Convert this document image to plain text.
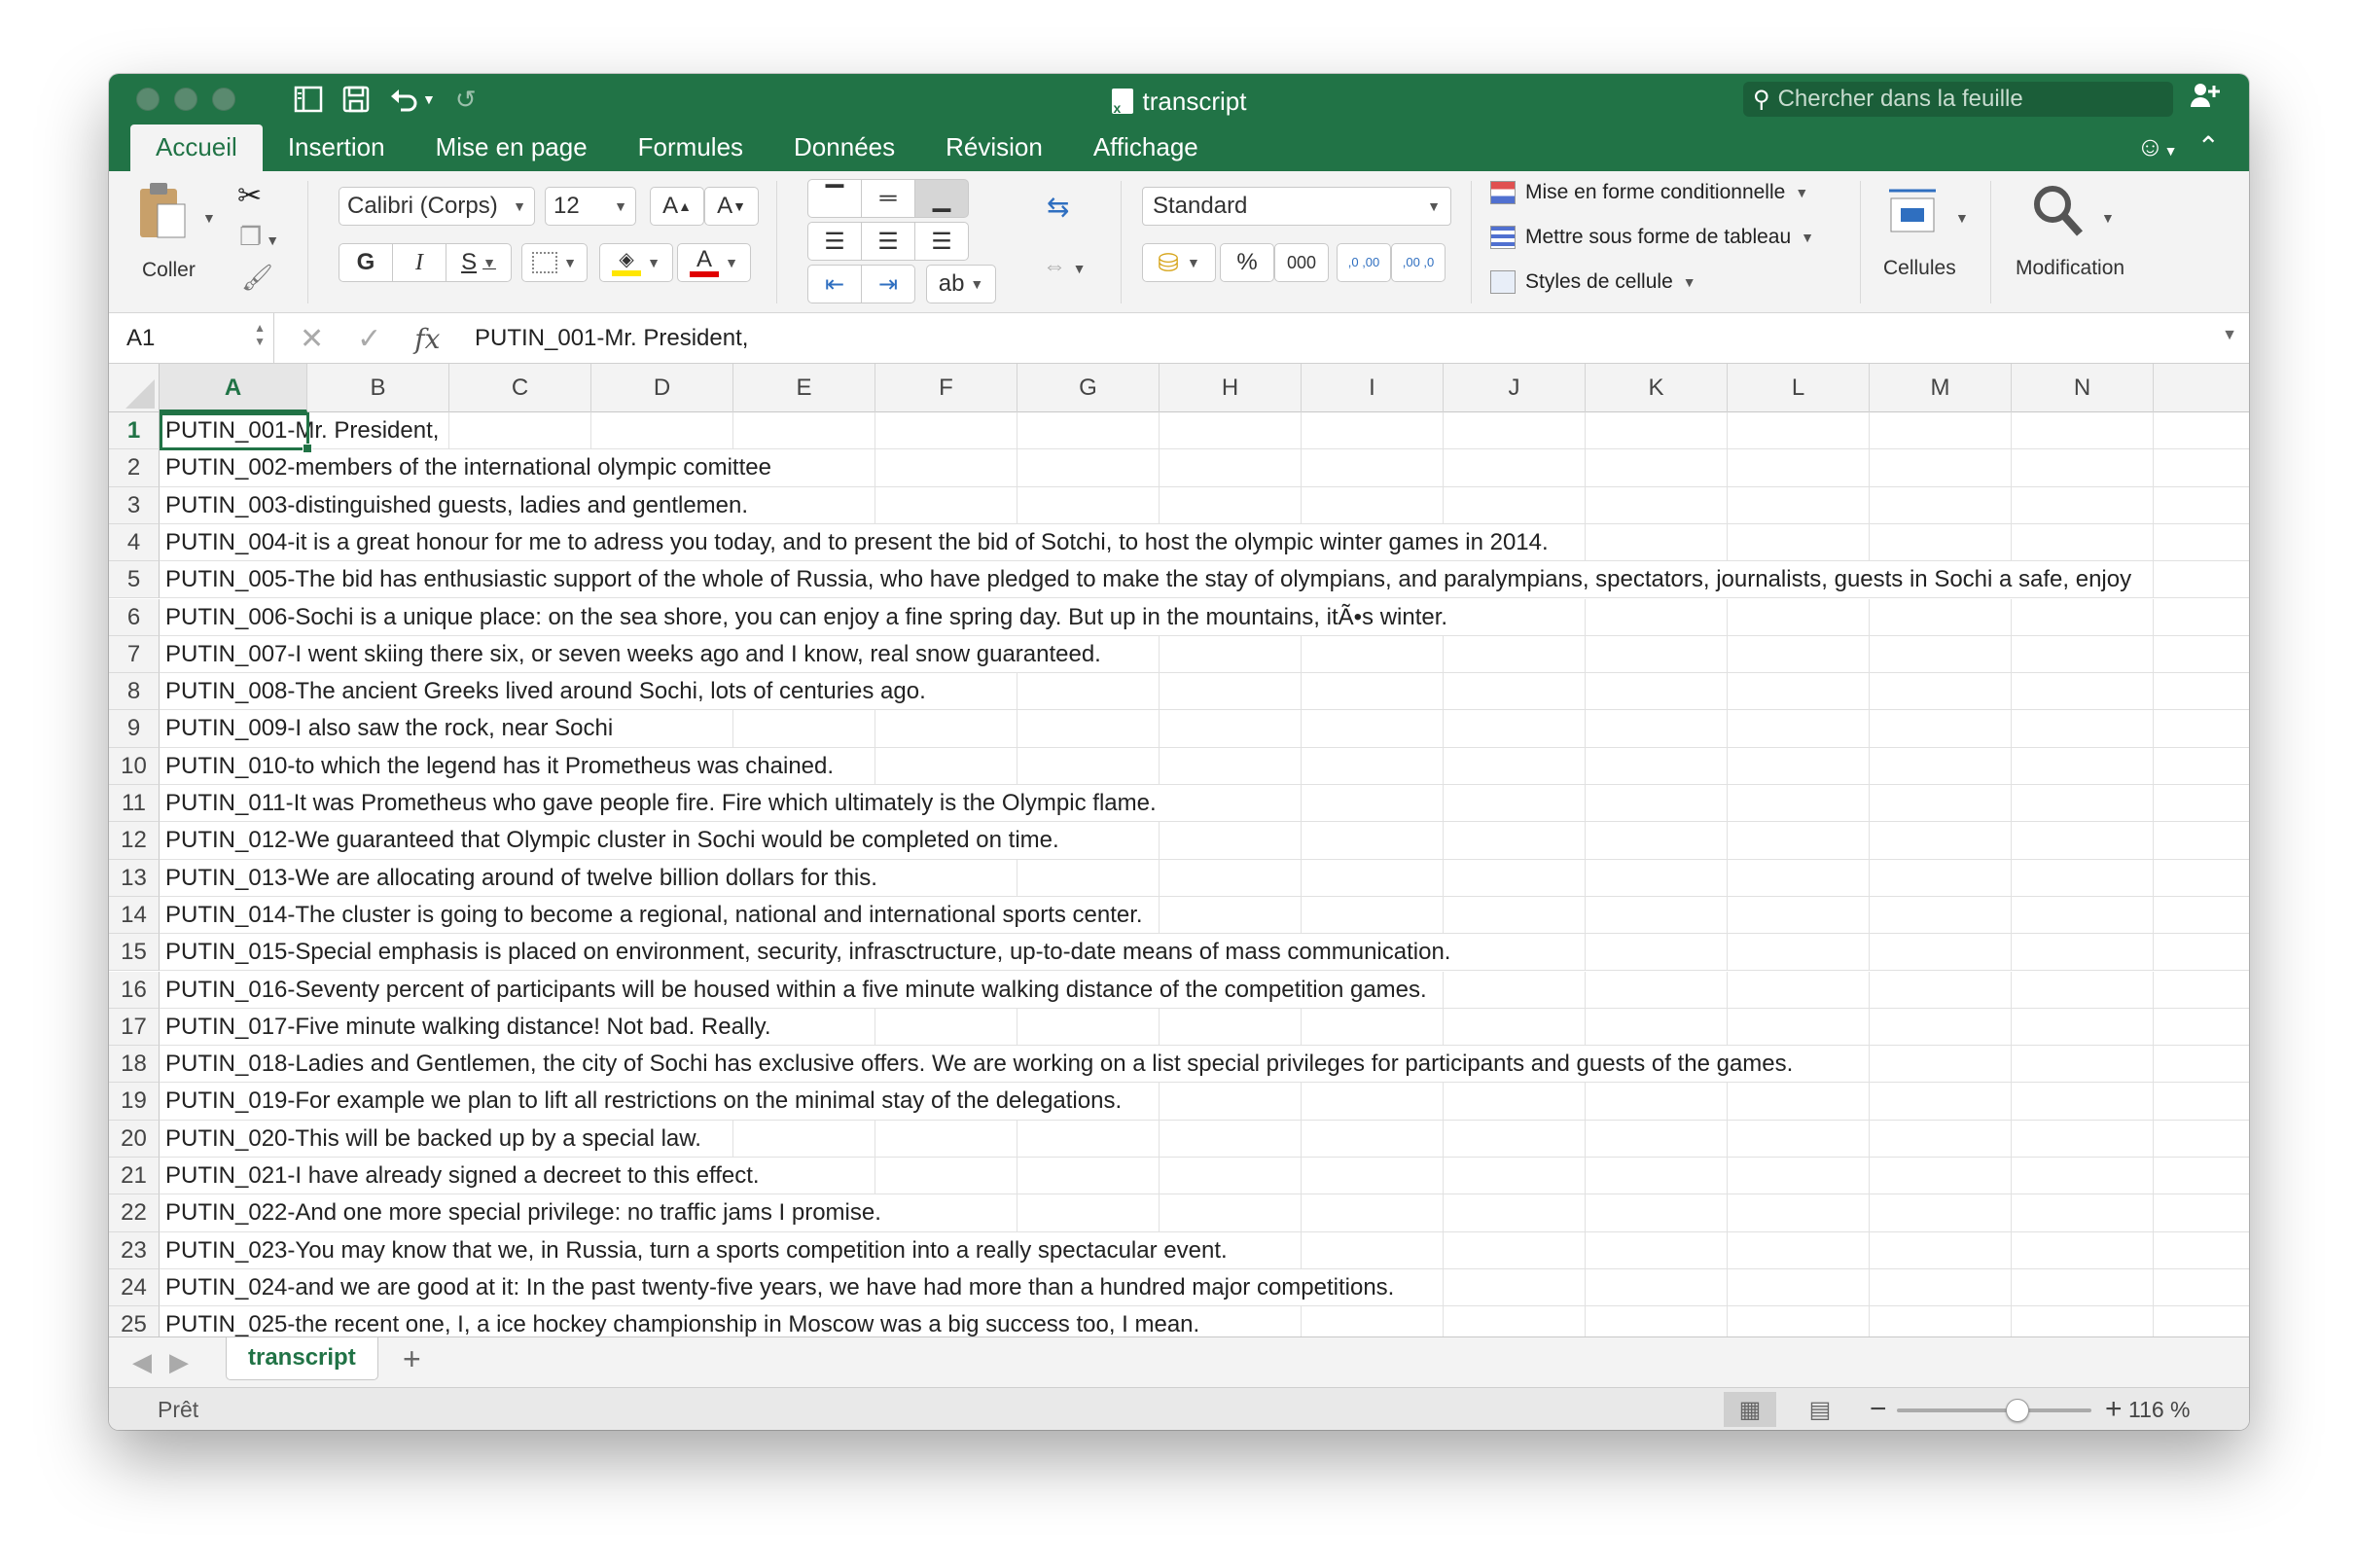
▼ ↺
x	transcript	⚲ Chercher dans la feuille
Accueil	Insertion	Mise en page	Formules	Données	Révision	Affichage	☺▼ ⌃
▼
Coller
✂
❐ ▼
🖌
Calibri (Corps) ▼ 12	▼	A ▲	A ▼
G	I	S ▼	▼	◈ ▼ A ▼
▔	═	▁
☰	☰	☰
⇤	⇥	ab ▼
⇆
⇔ ▼
Standard	▼
⛁ ▼	%	000	,0 ,00 ,00 ,0
Mise en forme conditionnelle ▼
Mettre sous forme de tableau ▼
Styles de cellule ▼
▼
Cellules
▼
Modification
A1	▲
▼ ✕ ✓ fx PUTIN_001-Mr. President,	▼
A	B	C	D	E	F	G	H	I	J	K	L	M	N
1	PUTIN_001-Mr. President,
2	PUTIN_002-members of the international olympic comittee
3	PUTIN_003-distinguished guests, ladies and gentlemen.
4	PUTIN_004-it is a great honour for me to adress you today, and to present the bid of Sotchi, to host the olympic winter games in 2014.
5	PUTIN_005-The bid has enthusiastic support of the whole of Russia, who have pledged to make the stay of olympians, and paralympians, spectators, journalists, guests in Sochi a safe, enjoy
6	PUTIN_006-Sochi is a unique place: on the sea shore, you can enjoy a fine spring day. But up in the mountains, itÃ•s winter.
7	PUTIN_007-I went skiing there six, or seven weeks ago and I know, real snow guaranteed.
8	PUTIN_008-The ancient Greeks lived around Sochi, lots of centuries ago.
9	PUTIN_009-I also saw the rock, near Sochi
10 PUTIN_010-to which the legend has it Prometheus was chained.
11 PUTIN_011-It was Prometheus who gave people fire. Fire which ultimately is the Olympic flame.
12 PUTIN_012-We guaranteed that Olympic cluster in Sochi would be completed on time.
13 PUTIN_013-We are allocating around of twelve billion dollars for this.
14 PUTIN_014-The cluster is going to become a regional, national and international sports center.
15 PUTIN_015-Special emphasis is placed on environment, security, infrasctructure, up-to-date means of mass communication.
16 PUTIN_016-Seventy percent of participants will be housed within a five minute walking distance of the competition games.
17 PUTIN_017-Five minute walking distance! Not bad. Really.
18 PUTIN_018-Ladies and Gentlemen, the city of Sochi has exclusive offers. We are working on a list special privileges for participants and guests of the games.
19 PUTIN_019-For example we plan to lift all restrictions on the minimal stay of the delegations.
20 PUTIN_020-This will be backed up by a special law.
21 PUTIN_021-I have already signed a decreet to this effect.
22 PUTIN_022-And one more special privilege: no traffic jams I promise.
23 PUTIN_023-You may know that we, in Russia, turn a sports competition into a really spectacular event.
24 PUTIN_024-and we are good at it: In the past twenty-five years, we have had more than a hundred major competitions.
25 PUTIN_025-the recent one, I, a ice hockey championship in Moscow was a big success too, I mean.
◀ ▶	transcript	+
Prêt	▦	▤	−	+ 116 %
